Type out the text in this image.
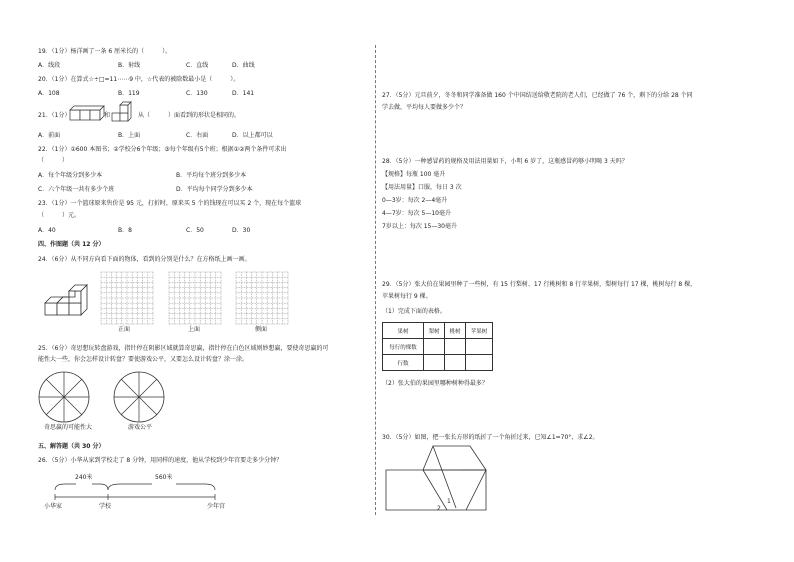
19．（1分）杨洋画了一条 6 厘米长的（　　　）。
A．线段	B．射线	C．直线	D．曲线
20．（1分）在算式☆÷□=11⋯⋯9 中，☆代表的被除数最小是（　　　）。
A．108	B．119	C．130	D．141
21．（1分）	和	从（　　　）面看到的形状是相同的。
A．前面	B．上面	C．右面	D．以上都可以
22．（1分）①600 本图书；②学校分6个年级；③每个年级有5个班；根据①②两个条件可求出
（　　　）
A．每个年级分到多少本	B．平均每个班分到多少本
C．六个年级一共有多少个班	D．平均每个同学分到多少本
23．（1分）一个篮球原来售价是 95 元，打折时，原来买 5 个的钱现在可以买 2 个，现在每个篮球
（　　　）元。
A．40	B．8	C．50	D．30
四、作图题（共 12 分）
24．（6分）从不同方向看下面的物体，看到的分别是什么？在方格纸上画一画。
正面	上面	侧面
25．（6分）奇思想玩转盘游戏，指针停在阴影区域就算奇思赢，指针停在白色区域则妙想赢，要使奇思赢的可
能性大一些，你会怎样设计转盘？要使游戏公平，又要怎么设计转盘？涂一涂。
奇思赢的可能性大	游戏公平
五、解答题（共 30 分）
26．（5分）小华从家到学校走了 8 分钟，用同样的速度，他从学校到少年宫要走多少分钟？
240米	560米
小华家	学校	少年宫
27．（5分）元旦前夕，冬冬和同学准备做 160 个中国结送给敬老院的老人们，已经做了 76 个，剩下的分给 28 个同
学去做，平均每人要做多少个？
28．（5分）一种感冒药的规格及用法用量如下，小明 6 岁了，这瓶感冒药够小明喝 3 天吗？
【规格】每瓶 100 毫升
【用法用量】口服，每日 3 次
0—3岁：每次 2—4毫升
4—7岁：每次 5—10毫升
7岁以上：每次 15—30毫升
29．（5分）张大伯在果园里种了一些树，有 15 行梨树、17 行桃树和 8 行苹果树，梨树每行 17 棵，桃树每行 8 棵，
苹果树每行 9 棵。
（1）完成下面的表格。
果树	梨树	桃树	苹果树
每行的棵数			
行数			
（2）张大伯的果园里哪种树种得最多？
30．（5分）如图，把一张长方形的纸折了一个角折过来，已知∠1=70°，求∠2。
1
2
